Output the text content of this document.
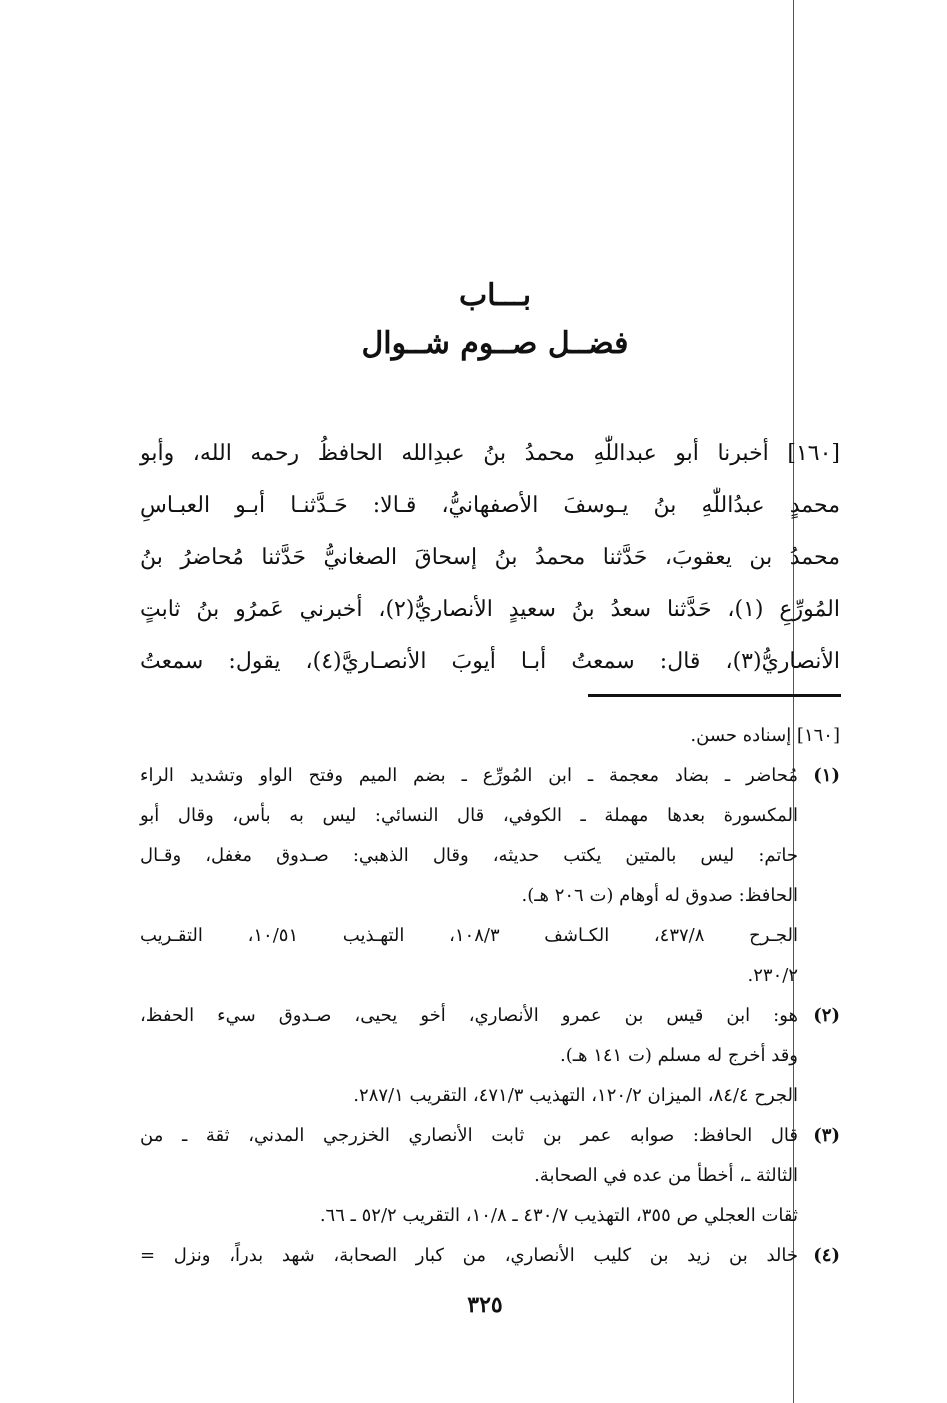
بـــاب
فضــل صــوم شــوال
[١٦٠] أخبرنا أبو عبداللّٰهِ محمدُ بنُ عبدِالله الحافظُ رحمه الله، وأبو
محمدٍ عبدُاللّٰهِ بنُ يـوسفَ الأصفهانيُّ، قـالا: حَـدَّثنـا أبـو العبـاسِ
محمدُ بن يعقوبَ، حَدَّثنا محمدُ بنُ إسحاقَ الصغانيُّ حَدَّثنا مُحاضرُ بنُ
المُورِّعِ (١)، حَدَّثنا سعدُ بنُ سعيدٍ الأنصاريُّ(٢)، أخبرني عَمرُو بنُ ثابتٍ
الأنصاريُّ(٣)، قال: سمعتُ أبـا أيوبَ الأنصـاريَّ(٤)، يقول: سمعتُ
[١٦٠] إسناده حسن.
(١)
مُحاضر ـ بضاد معجمة ـ ابن المُورِّع ـ بضم الميم وفتح الواو وتشديد الراء
المكسورة بعدها مهملة ـ الكوفي، قال النسائي: ليس به بأس، وقال أبو
حاتم: ليس بالمتين يكتب حديثه، وقال الذهبي: صـدوق مغفل، وقـال
الحافظ: صدوق له أوهام (ت ٢٠٦ هـ).
الجـرح ٤٣٧/٨، الكـاشف ١٠٨/٣، التهـذيب ١٠/٥١، التقـريب
٢٣٠/٢.
(٢)
هو: ابن قيس بن عمرو الأنصاري، أخو يحيى، صـدوق سيء الحفظ،
وقد أخرج له مسلم (ت ١٤١ هـ).
الجرح ٨٤/٤، الميزان ١٢٠/٢، التهذيب ٤٧١/٣، التقريب ٢٨٧/١.
(٣)
قال الحافظ: صوابه عمر بن ثابت الأنصاري الخزرجي المدني، ثقة ـ من
الثالثة ـ، أخطأ من عده في الصحابة.
ثقات العجلي ص ٣٥٥، التهذيب ٤٣٠/٧ ـ ١٠/٨، التقريب ٥٢/٢ ـ ٦٦.
(٤)
خالد بن زيد بن كليب الأنصاري، من كبار الصحابة، شهد بدراً، ونزل =
٣٢٥
